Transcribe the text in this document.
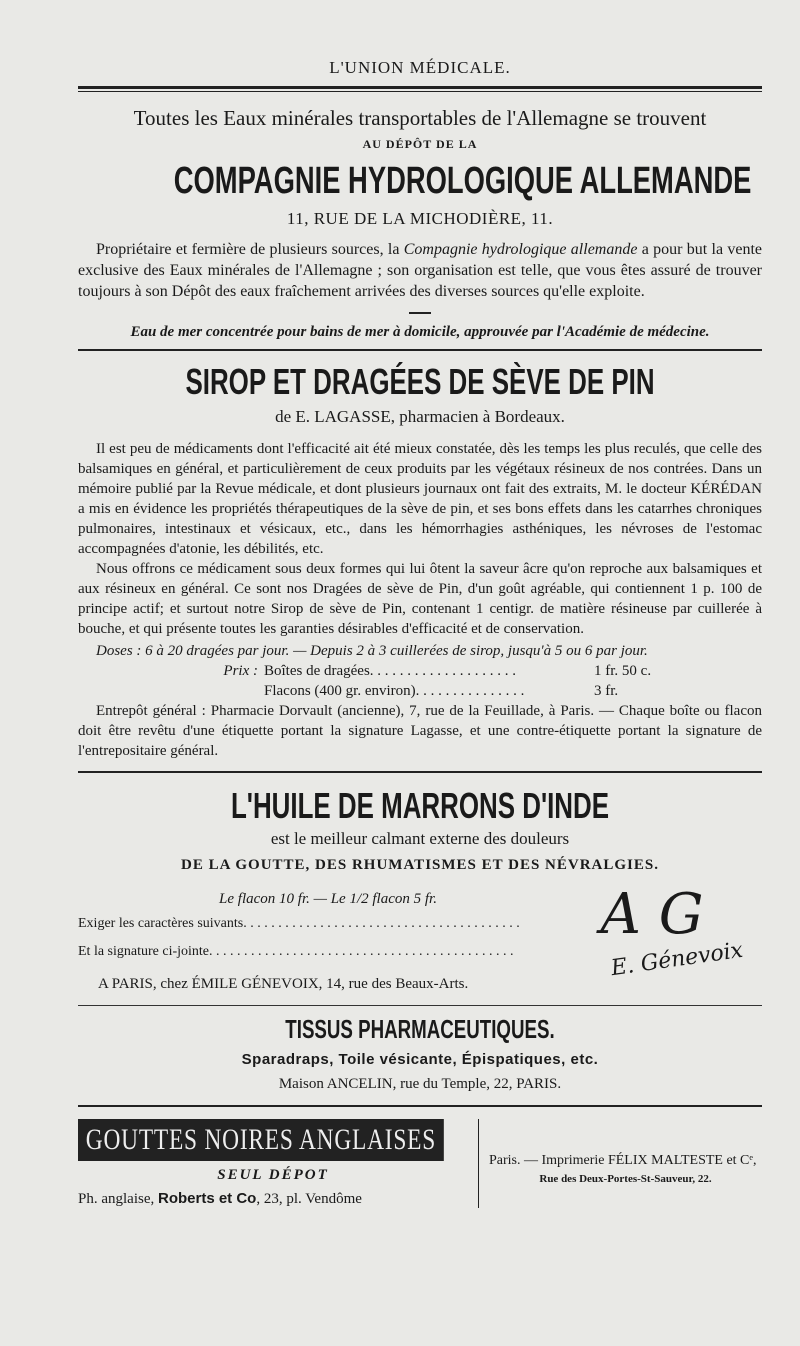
L'UNION MÉDICALE.
Toutes les Eaux minérales transportables de l'Allemagne se trouvent
AU DÉPÔT DE LA
COMPAGNIE HYDROLOGIQUE ALLEMANDE
11, RUE DE LA MICHODIÈRE, 11.

Propriétaire et fermière de plusieurs sources, la Compagnie hydrologique allemande a pour but la vente exclusive des Eaux minérales de l'Allemagne ; son organisation est telle, que vous êtes assuré de trouver toujours à son Dépôt des eaux fraîchement arrivées des diverses sources qu'elle exploite.

Eau de mer concentrée pour bains de mer à domicile, approuvée par l'Académie de médecine.
SIROP ET DRAGÉES DE SÈVE DE PIN
de E. LAGASSE, pharmacien à Bordeaux.

Il est peu de médicaments dont l'efficacité ait été mieux constatée, dès les temps les plus reculés, que celle des balsamiques en général, et particulièrement de ceux produits par les végétaux résineux de nos contrées. Dans un mémoire publié par la Revue médicale, et dont plusieurs journaux ont fait des extraits, M. le docteur KÉRÉDAN a mis en évidence les propriétés thérapeutiques de la sève de pin, et ses bons effets dans les catarrhes chroniques pulmonaires, intestinaux et vésicaux, etc., dans les hémorrhagies asthéniques, les névroses de l'estomac accompagnées d'atonie, les débilités, etc.

Nous offrons ce médicament sous deux formes qui lui ôtent la saveur âcre qu'on reproche aux balsamiques et aux résineux en général. Ce sont nos Dragées de sève de Pin, d'un goût agréable, qui contiennent 1 p. 100 de principe actif; et surtout notre Sirop de sève de Pin, contenant 1 centigr. de matière résineuse par cuillerée à bouche, et qui présente toutes les garanties désirables d'efficacité et de conservation.

Doses : 6 à 20 dragées par jour. — Depuis 2 à 3 cuillerées de sirop, jusqu'à 5 ou 6 par jour.

Prix : Boîtes de dragées. . . . . . . . . . . . . . . . . . . .	1 fr. 50 c.
Flacons (400 gr. environ). . . . . . . . . . . . . . .	3 fr.

Entrepôt général : Pharmacie Dorvault (ancienne), 7, rue de la Feuillade, à Paris. — Chaque boîte ou flacon doit être revêtu d'une étiquette portant la signature Lagasse, et une contre-étiquette portant la signature de l'entrepositaire général.

L'HUILE DE MARRONS D'INDE
est le meilleur calmant externe des douleurs
DE LA GOUTTE, DES RHUMATISMES ET DES NÉVRALGIES.
Le flacon 10 fr. — Le 1/2 flacon 5 fr.
Exiger les caractères suivants. . . . . . . . . . . . . . . . . . . . . . . . . . . . . . . . . . . . . . . .
Et la signature ci-jointe. . . . . . . . . . . . . . . . . . . . . . . . . . . . . . . . . . . . . . . . . . . .
A G
E. Génevoix
A PARIS, chez ÉMILE GÉNEVOIX, 14, rue des Beaux-Arts.
TISSUS PHARMACEUTIQUES.
Sparadraps, Toile vésicante, Épispatiques, etc.
Maison ANCELIN, rue du Temple, 22, PARIS.
GOUTTES NOIRES ANGLAISES
SEUL DÉPOT

Ph. anglaise, Roberts et Co, 23, pl. Vendôme

Paris. — Imprimerie FÉLIX MALTESTE et Cᵉ,
Rue des Deux-Portes-St-Sauveur, 22.
